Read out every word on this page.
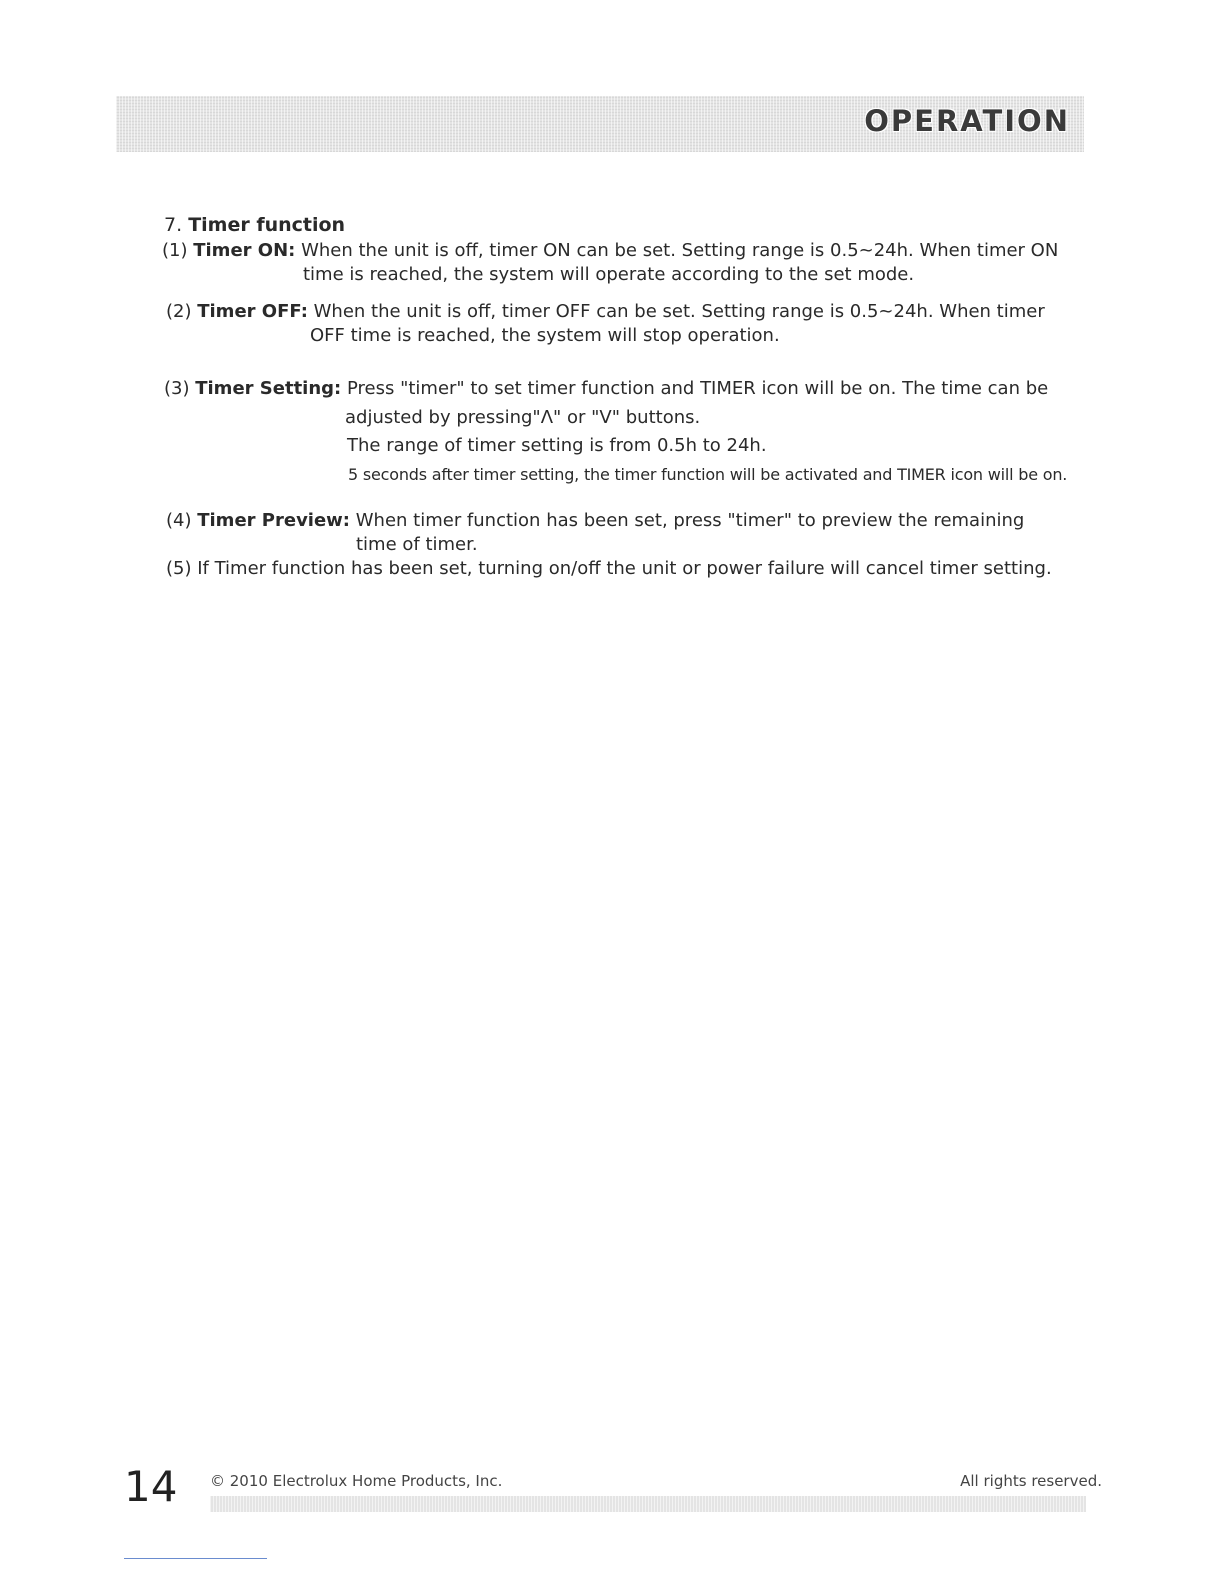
OPERATION
7. Timer function
(1) Timer ON: When the unit is off, timer ON can be set. Setting range is 0.5~24h. When timer ON
time is reached, the system will operate according to the set mode.
(2) Timer OFF: When the unit is off, timer OFF can be set. Setting range is 0.5~24h. When timer
OFF time is reached, the system will stop operation.
(3) Timer Setting: Press "timer" to set timer function and TIMER icon will be on. The time can be
adjusted by pressing"Λ" or "V" buttons.
The range of timer setting is from 0.5h to 24h.
5 seconds after timer setting, the timer function will be activated and TIMER icon will be on.
(4) Timer Preview: When timer function has been set, press "timer" to preview the remaining
time of timer.
(5) If Timer function has been set, turning on/off the unit or power failure will cancel timer setting.
14 © 2010 Electrolux Home Products, Inc.	All rights reserved.
